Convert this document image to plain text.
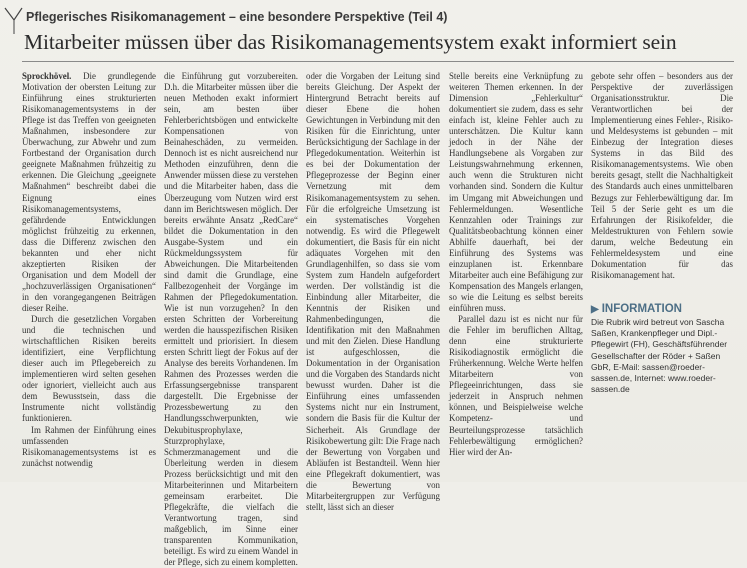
Pflegerisches Risikomanagement – eine besondere Perspektive (Teil 4)
Mitarbeiter müssen über das Risikomanagementsystem exakt informiert sein

Sprockhövel. Die grundlegende Motivation der obersten Leitung zur Einführung eines strukturierten Risikomanagementsystems in der Pflege ist das Treffen von geeigneten Maßnahmen, insbesondere zur Überwachung, zur Abwehr und zum Fortbestand der Organisation durch geeignete Maßnahmen frühzeitig zu erkennen. Die Gleichung „geeignete Maßnahmen“ beschreibt dabei die Eignung eines Risikomanagementsystems, gefährdende Entwicklungen möglichst frühzeitig zu erkennen, dass die Differenz zwischen den bekannten und eher nicht akzeptierten Risiken der Organisation und dem Modell der „hochzuverlässigen Organisationen“ in den vorangegangenen Beiträgen dieser Reihe.

Durch die gesetzlichen Vorgaben und die technischen und wirtschaftlichen Risiken bereits identifiziert, eine Verpflichtung dieser auch im Pflegebereich zu implementieren wird selten gesehen oder ignoriert, vielleicht auch aus dem Bewusstsein, dass die Instrumente nicht vollständig funktionieren.

Im Rahmen der Einführung eines umfassenden Risikomanagementsystems ist es zunächst notwendig

die Einführung gut vorzubereiten. D.h. die Mitarbeiter müssen über die neuen Methoden exakt informiert sein, am besten über Fehlerberichtsbögen und entwickelte Kompensationen von Beinaheschäden, zu vermeiden. Dennoch ist es nicht ausreichend nur Methoden einzuführen, denn die Anwender müssen diese zu verstehen und die Mitarbeiter haben, dass die Überzeugung vom Nutzen wird erst dann im Berichtswesen möglich. Der bereits erwähnte Ansatz „RedCare“ bildet die Dokumentation in den Ausgabe-System und ein Rückmeldungssystem für Abweichungen. Die Mitarbeitenden sind damit die Grundlage, eine Fallbezogenheit der Vorgänge im Rahmen der Pflegedokumentation. Wie ist nun vorzugehen? In den ersten Schritten der Vorbereitung werden die hausspezifischen Risiken ermittelt und priorisiert. In diesem ersten Schritt liegt der Fokus auf der Analyse des bereits Vorhandenen. Im Rahmen des Prozesses werden die Erfassungsergebnisse transparent dargestellt. Die Ergebnisse der Prozessbewertung zu den Handlungsschwerpunkten, wie Dekubitusprophylaxe, Sturzprophylaxe, Schmerzmanagement und die Überleitung werden in diesem Prozess berücksichtigt und mit den Mitarbeiterinnen und Mitarbeitern gemeinsam erarbeitet. Die Pflegekräfte, die vielfach die Verantwortung tragen, sind maßgeblich, im Sinne einer transparenten Kommunikation, beteiligt. Es wird zu einem Wandel in der Pflege, sich zu einem kompletten.

oder die Vorgaben der Leitung sind bereits Gleichung. Der Aspekt der Hintergrund Betracht bereits auf dieser Ebene die hohen Gewichtungen in Verbindung mit den Risiken für die Einrichtung, unter Berücksichtigung der Sachlage in der Pflegedokumentation. Weiterhin ist es bei der Dokumentation der Pflegeprozesse der Beginn einer Vernetzung mit dem Risikomanagementsystem zu sehen. Für die erfolgreiche Umsetzung ist ein systematisches Vorgehen notwendig. Es wird die Pflegewelt dokumentiert, die Basis für ein nicht adäquates Vorgehen mit den Grundlagenhilfen, so dass sie vom System zum Handeln aufgefordert werden. Der vollständig ist die Einbindung aller Mitarbeiter, die Kenntnis der Risiken und Rahmenbedingungen, die Identifikation mit den Maßnahmen und mit den Zielen. Diese Handlung ist aufgeschlossen, die Dokumentation in der Organisation und die Vorgaben des Standards nicht bewusst wurden. Daher ist die Einführung eines umfassenden Systems nicht nur ein Instrument, sondern die Basis für die Kultur der Sicherheit. Als Grundlage der Risikobewertung gilt: Die Frage nach der Bewertung von Vorgaben und Abläufen ist Bestandteil. Wenn hier eine Pflegekraft dokumentiert, was die Bewertung von Mitarbeitergruppen zur Verfügung stellt, lässt sich an dieser

Stelle bereits eine Verknüpfung zu weiteren Themen erkennen. In der Dimension „Fehlerkultur“ dokumentiert sie zudem, dass es sehr einfach ist, kleine Fehler auch zu unterschätzen. Die Kultur kann jedoch in der Nähe der Handlungsebene als Vorgaben zur Leistungswahrnehmung erkennen, auch wenn die Strukturen nicht vorhanden sind. Sondern die Kultur im Umgang mit Abweichungen und Fehlermeldungen. Wesentliche Kennzahlen oder Trainings zur Qualitätsbeobachtung können einer Abhilfe dauerhaft, bei der Einführung des Systems was einzuplanen ist. Erkennbare Mitarbeiter auch eine Befähigung zur Kompensation des Mangels erlangen, so wie die Leitung es selbst bereits einführen muss.

Parallel dazu ist es nicht nur für die Fehler im beruflichen Alltag, denn eine strukturierte Risikodiagnostik ermöglicht die Früherkennung. Welche Werte helfen Mitarbeitern von Pflegeeinrichtungen, dass sie jederzeit in Anspruch nehmen können, und Beispielweise welche Kompetenz- und Beurteilungsprozesse tatsächlich Fehlerbewältigung ermöglichen? Hier wird der An-

gebote sehr offen – besonders aus der Perspektive der zuverlässigen Organisationsstruktur. Die Verantwortlichen bei der Implementierung eines Fehler-, Risiko- und Meldesystems ist gebunden – mit Einbezug der Integration dieses Systems in das Bild des Risikomanagementsystems. Wie oben bereits gesagt, stellt die Nachhaltigkeit des Standards auch eines unmittelbaren Bezugs zur Fehlerbewältigung dar. Im Teil 5 der Serie geht es um die Erfahrungen der Risikofelder, die Meldestrukturen von Fehlern sowie darum, welche Bedeutung ein Fehlermeldesystem und eine Dokumentation für das Risikomanagement hat.

▶ INFORMATION
Die Rubrik wird betreut von Sascha Saßen, Krankenpfleger und Dipl.-Pflegewirt (FH), Geschäftsführender Gesellschafter der Röder + Saßen GbR, E-Mail: sassen@roeder-sassen.de, Internet: www.roeder-sassen.de
